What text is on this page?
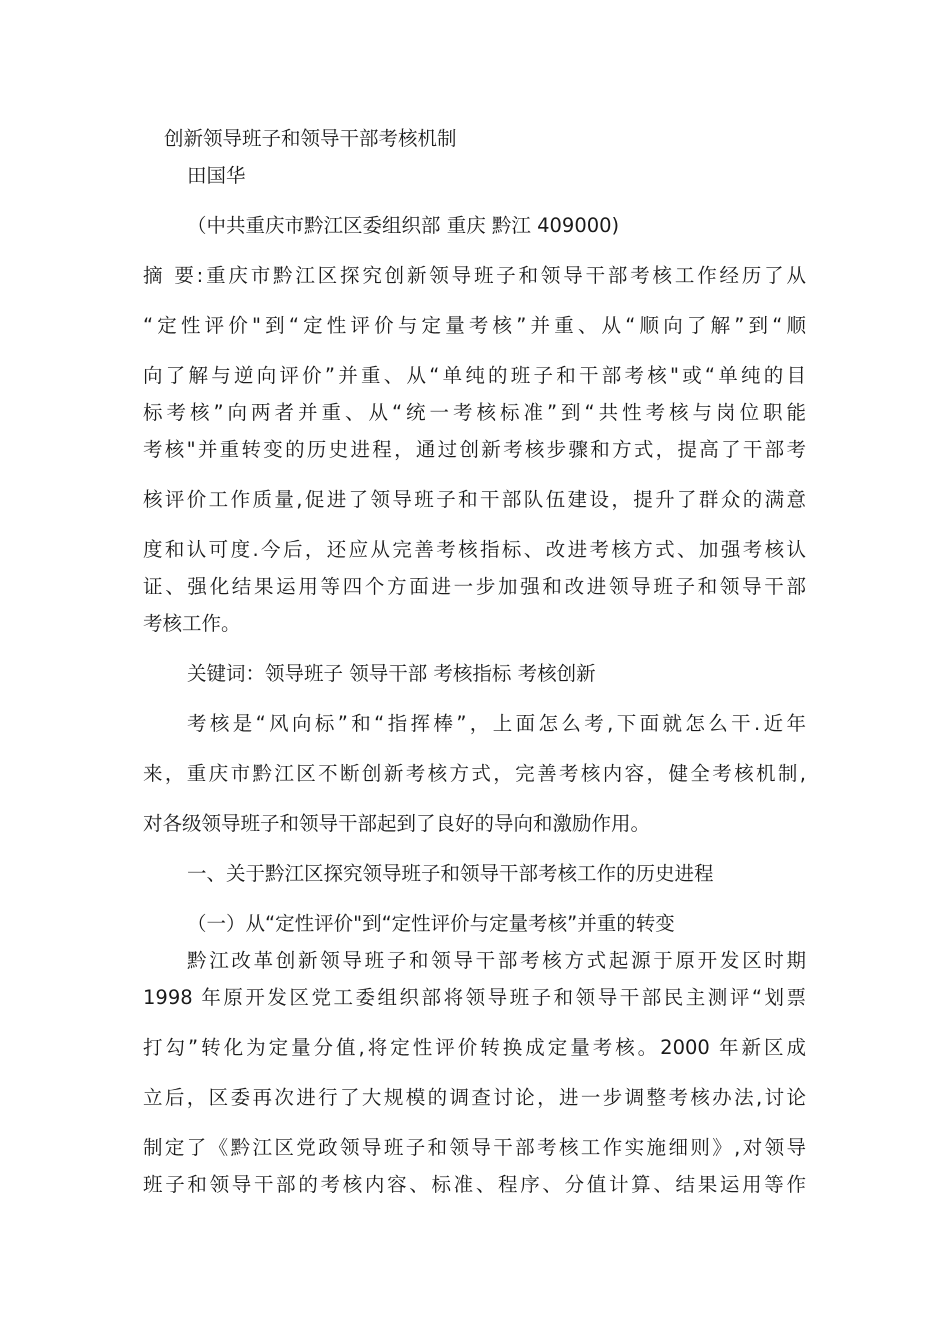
创新领导班子和领导干部考核机制
田国华
（中共重庆市黔江区委组织部 重庆 黔江 409000)
摘 要:重庆市黔江区探究创新领导班子和领导干部考核工作经历了从
“定性评价"到“定性评价与定量考核”并重、从“顺向了解”到“顺
向了解与逆向评价”并重、从“单纯的班子和干部考核"或“单纯的目
标考核”向两者并重、从“统一考核标准”到“共性考核与岗位职能
考核"并重转变的历史进程，通过创新考核步骤和方式，提高了干部考
核评价工作质量,促进了领导班子和干部队伍建设，提升了群众的满意
度和认可度.今后，还应从完善考核指标、改进考核方式、加强考核认
证、强化结果运用等四个方面进一步加强和改进领导班子和领导干部
考核工作。
关键词：领导班子 领导干部 考核指标 考核创新
考核是“风向标”和“指挥棒”，上面怎么考,下面就怎么干.近年
来，重庆市黔江区不断创新考核方式，完善考核内容，健全考核机制,
对各级领导班子和领导干部起到了良好的导向和激励作用。
一、关于黔江区探究领导班子和领导干部考核工作的历史进程
（一）从“定性评价"到“定性评价与定量考核”并重的转变
黔江改革创新领导班子和领导干部考核方式起源于原开发区时期
1998 年原开发区党工委组织部将领导班子和领导干部民主测评“划票
打勾”转化为定量分值,将定性评价转换成定量考核。2000 年新区成
立后，区委再次进行了大规模的调查讨论，进一步调整考核办法,讨论
制定了《黔江区党政领导班子和领导干部考核工作实施细则》,对领导
班子和领导干部的考核内容、标准、程序、分值计算、结果运用等作
